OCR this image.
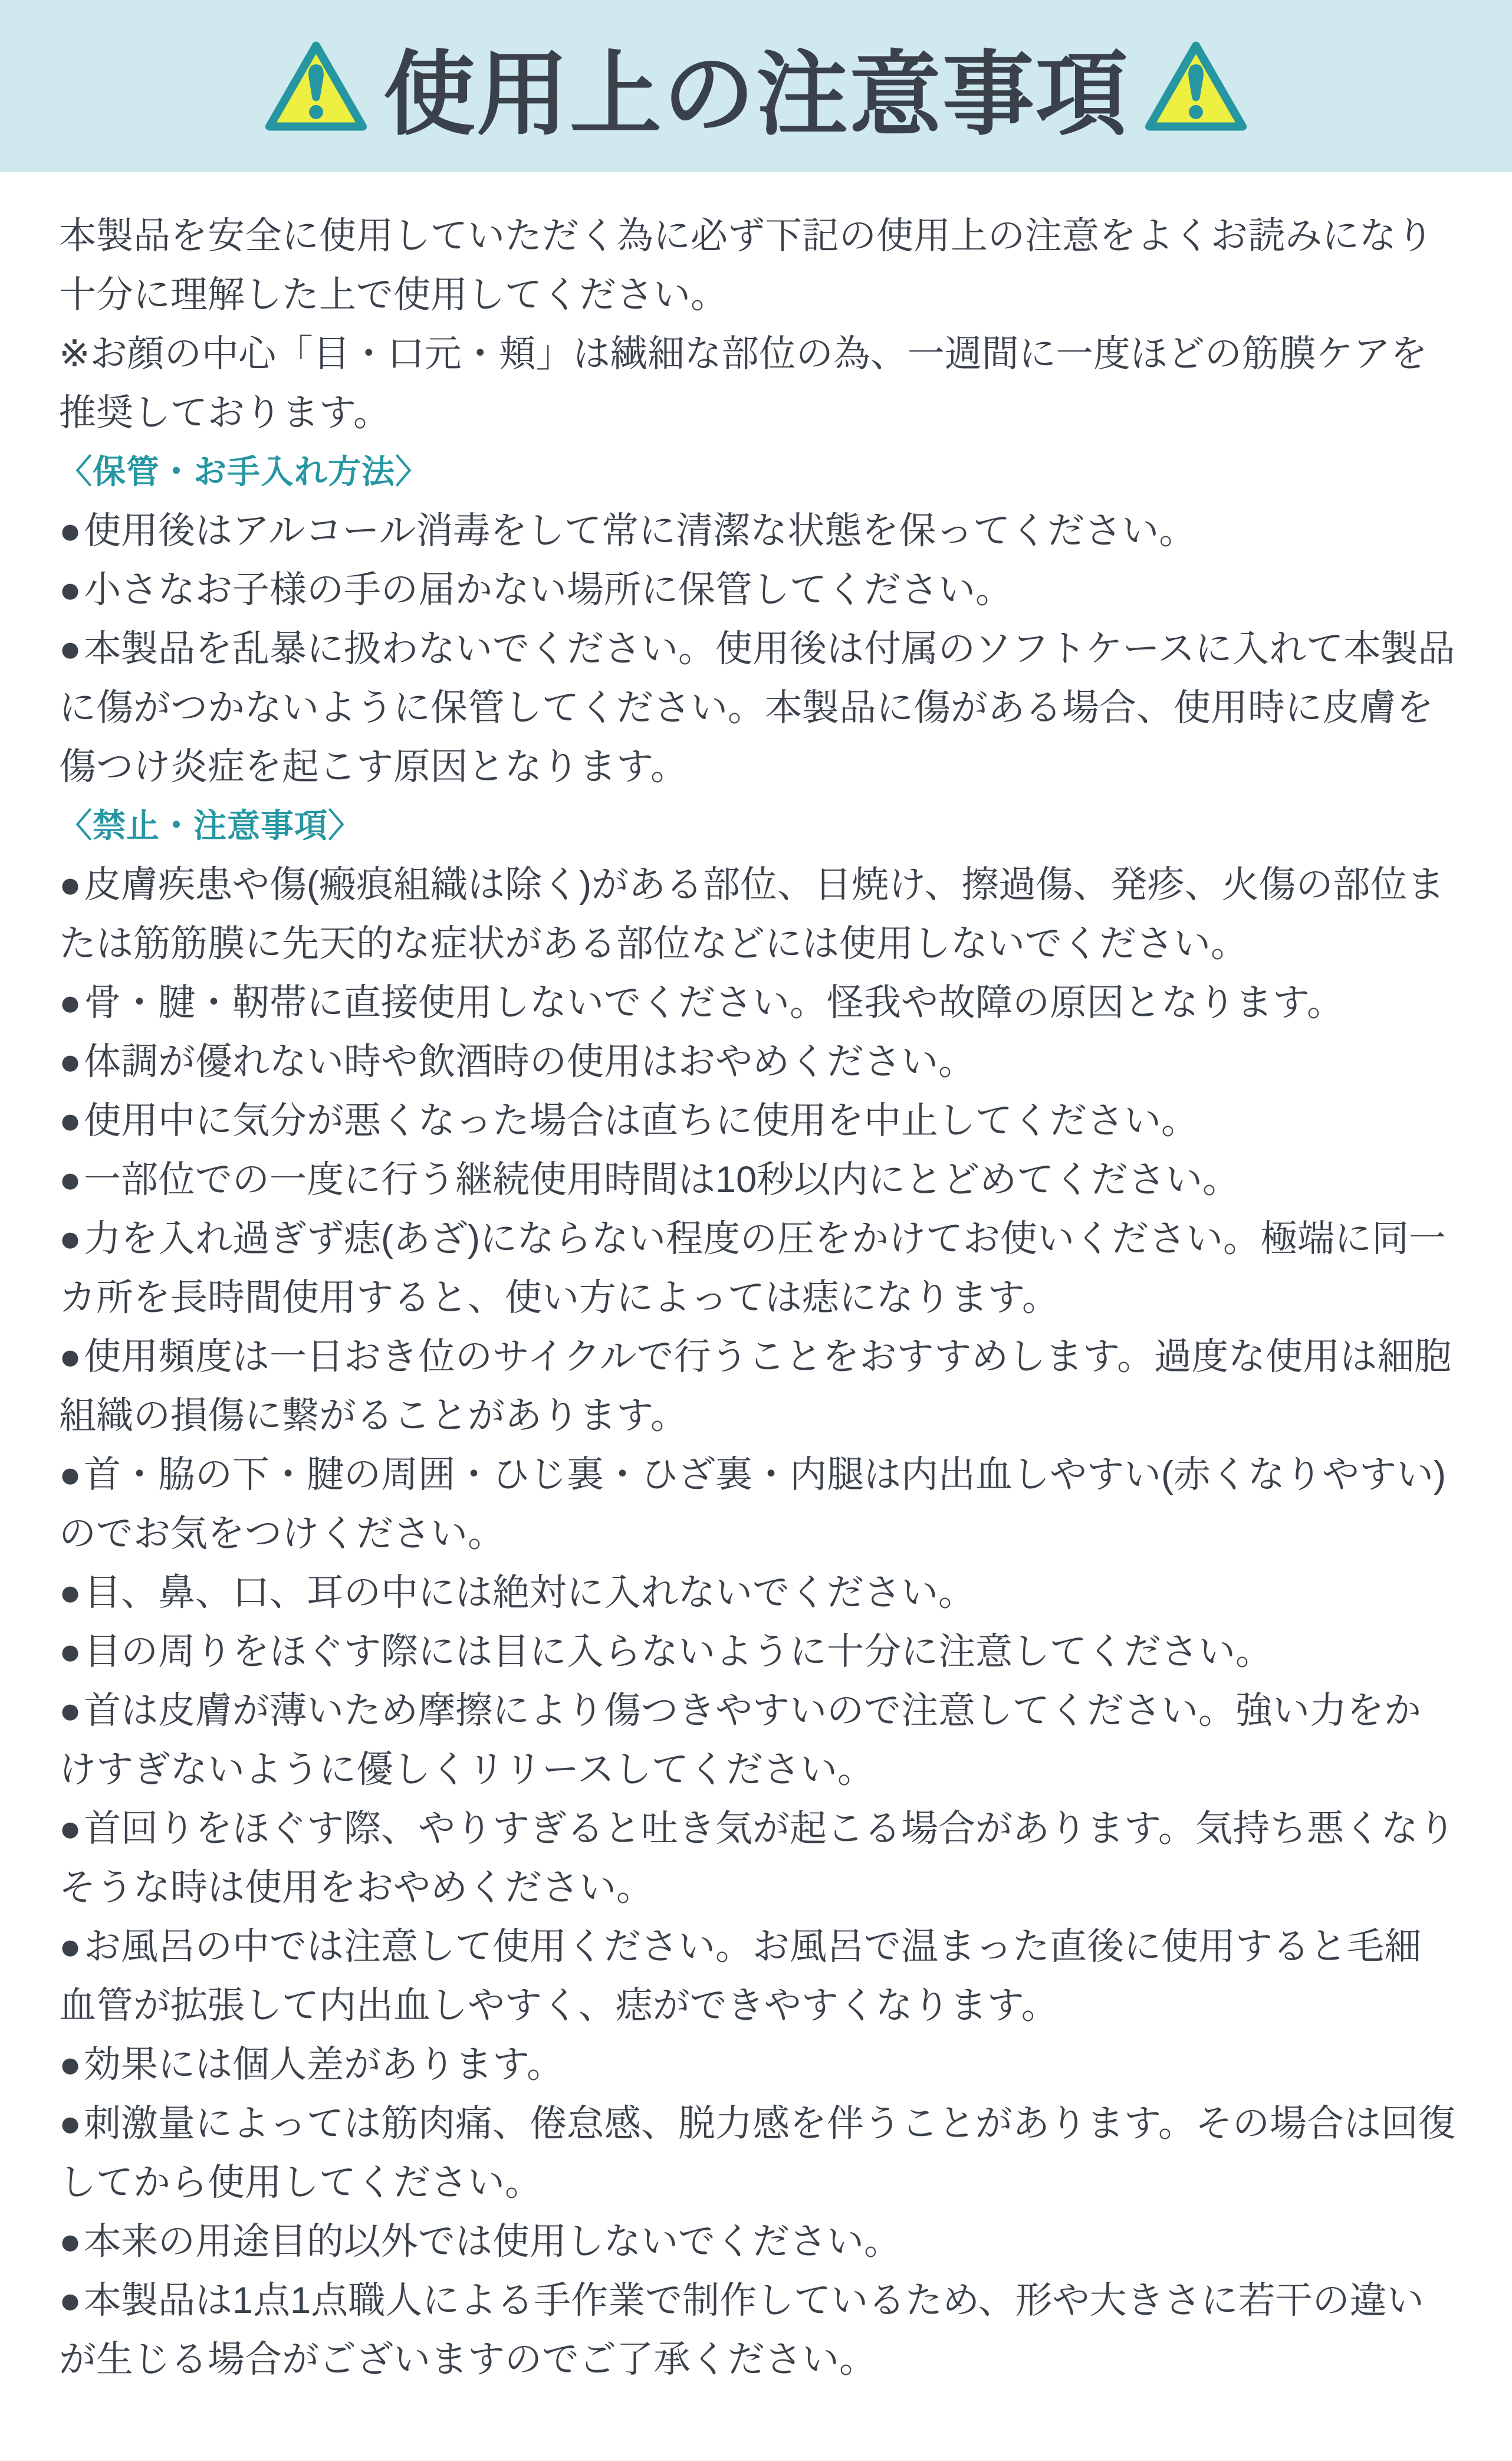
使用上の注意事項

本製品を安全に使用していただく為に必ず下記の使用上の注意をよくお読みになり十分に理解した上で使用してください。

※お顔の中心「目・口元・頬」は繊細な部位の為、一週間に一度ほどの筋膜ケアを推奨しております。

〈保管・お手入れ方法〉

●使用後はアルコール消毒をして常に清潔な状態を保ってください。

●小さなお子様の手の届かない場所に保管してください。

●本製品を乱暴に扱わないでください。使用後は付属のソフトケースに入れて本製品に傷がつかないように保管してください。本製品に傷がある場合、使用時に皮膚を傷つけ炎症を起こす原因となります。

〈禁止・注意事項〉

●皮膚疾患や傷(瘢痕組織は除く)がある部位、日焼け、擦過傷、発疹、火傷の部位または筋筋膜に先天的な症状がある部位などには使用しないでください。

●骨・腱・靭帯に直接使用しないでください。怪我や故障の原因となります。

●体調が優れない時や飲酒時の使用はおやめください。

●使用中に気分が悪くなった場合は直ちに使用を中止してください。

●一部位での一度に行う継続使用時間は10秒以内にとどめてください。

●力を入れ過ぎず痣(あざ)にならない程度の圧をかけてお使いください。極端に同一カ所を長時間使用すると、使い方によっては痣になります。

●使用頻度は一日おき位のサイクルで行うことをおすすめします。過度な使用は細胞組織の損傷に繋がることがあります。

●首・脇の下・腱の周囲・ひじ裏・ひざ裏・内腿は内出血しやすい(赤くなりやすい)のでお気をつけください。

●目、鼻、口、耳の中には絶対に入れないでください。

●目の周りをほぐす際には目に入らないように十分に注意してください。

●首は皮膚が薄いため摩擦により傷つきやすいので注意してください。強い力をかけすぎないように優しくリリースしてください。

●首回りをほぐす際、やりすぎると吐き気が起こる場合があります。気持ち悪くなりそうな時は使用をおやめください。

●お風呂の中では注意して使用ください。お風呂で温まった直後に使用すると毛細血管が拡張して内出血しやすく、痣ができやすくなります。

●効果には個人差があります。

●刺激量によっては筋肉痛、倦怠感、脱力感を伴うことがあります。その場合は回復してから使用してください。

●本来の用途目的以外では使用しないでください。

●本製品は1点1点職人による手作業で制作しているため、形や大きさに若干の違いが生じる場合がございますのでご了承ください。
